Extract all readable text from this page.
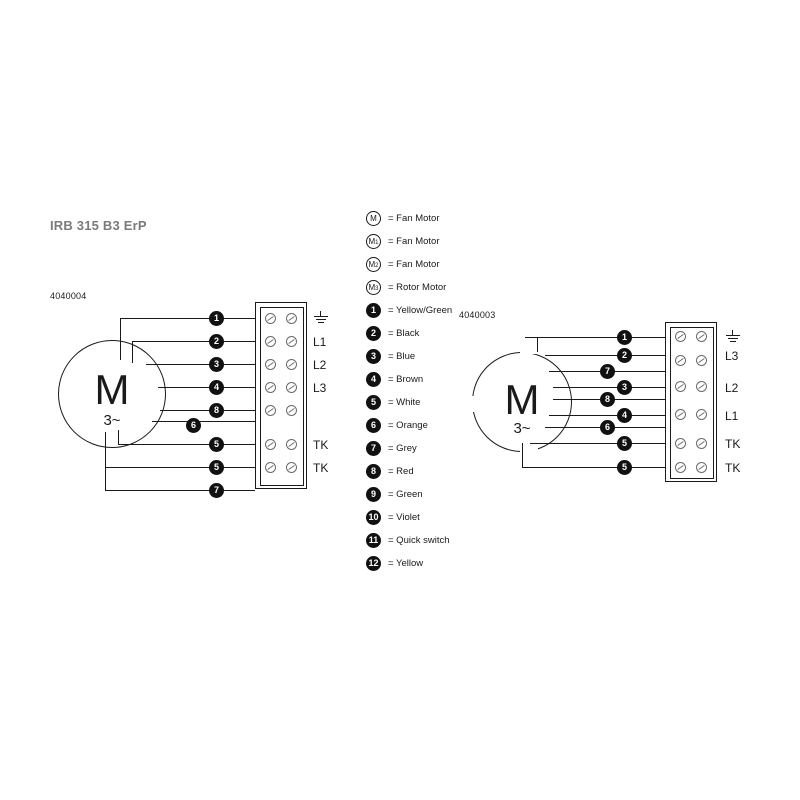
IRB 315 B3 ErP
4040004
M
3~
1
2
3
4
8
6
5
5
7
L1
L2
L3
TK
TK
4040003
M
3~
1
2
7
3
8
4
6
5
5
L3
L2
L1
TK
TK
M	= Fan Motor
M1 = Fan Motor
M2 = Fan Motor
M3 = Rotor Motor
1	= Yellow/Green
2	= Black
3	= Blue
4	= Brown
5	= White
6	= Orange
7	= Grey
8	= Red
9	= Green
10 = Violet
11 = Quick switch
12 = Yellow
